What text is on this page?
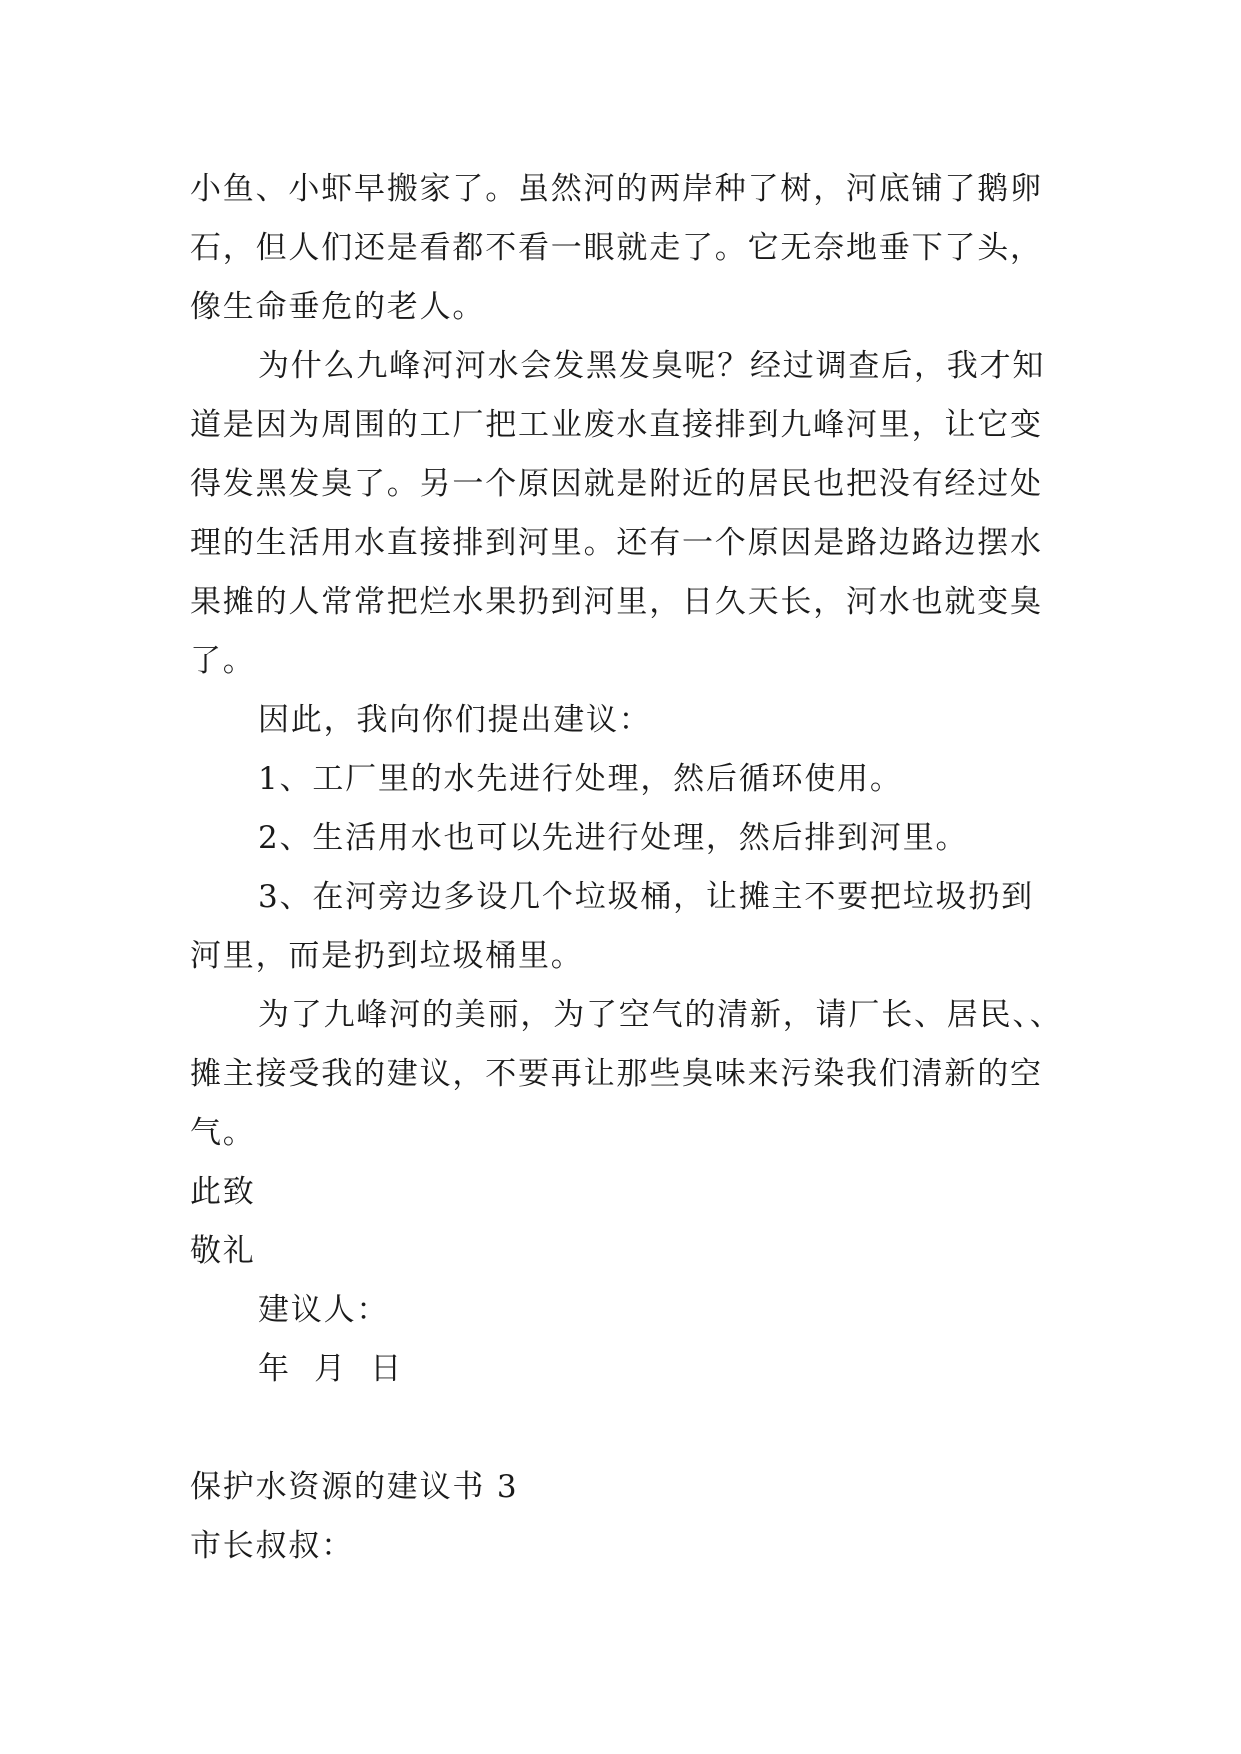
小鱼、小虾早搬家了。虽然河的两岸种了树，河底铺了鹅卵
石，但人们还是看都不看一眼就走了。它无奈地垂下了头，
像生命垂危的老人。
为什么九峰河河水会发黑发臭呢？经过调查后，我才知
道是因为周围的工厂把工业废水直接排到九峰河里，让它变
得发黑发臭了。另一个原因就是附近的居民也把没有经过处
理的生活用水直接排到河里。还有一个原因是路边路边摆水
果摊的人常常把烂水果扔到河里，日久天长，河水也就变臭
了。
因此，我向你们提出建议：
1、工厂里的水先进行处理，然后循环使用。
2、生活用水也可以先进行处理，然后排到河里。
3、在河旁边多设几个垃圾桶，让摊主不要把垃圾扔到
河里，而是扔到垃圾桶里。
为了九峰河的美丽，为了空气的清新，请厂长、居民、、
摊主接受我的建议，不要再让那些臭味来污染我们清新的空
气。
此致
敬礼
建议人：
年  月  日
保护水资源的建议书 3
市长叔叔：
